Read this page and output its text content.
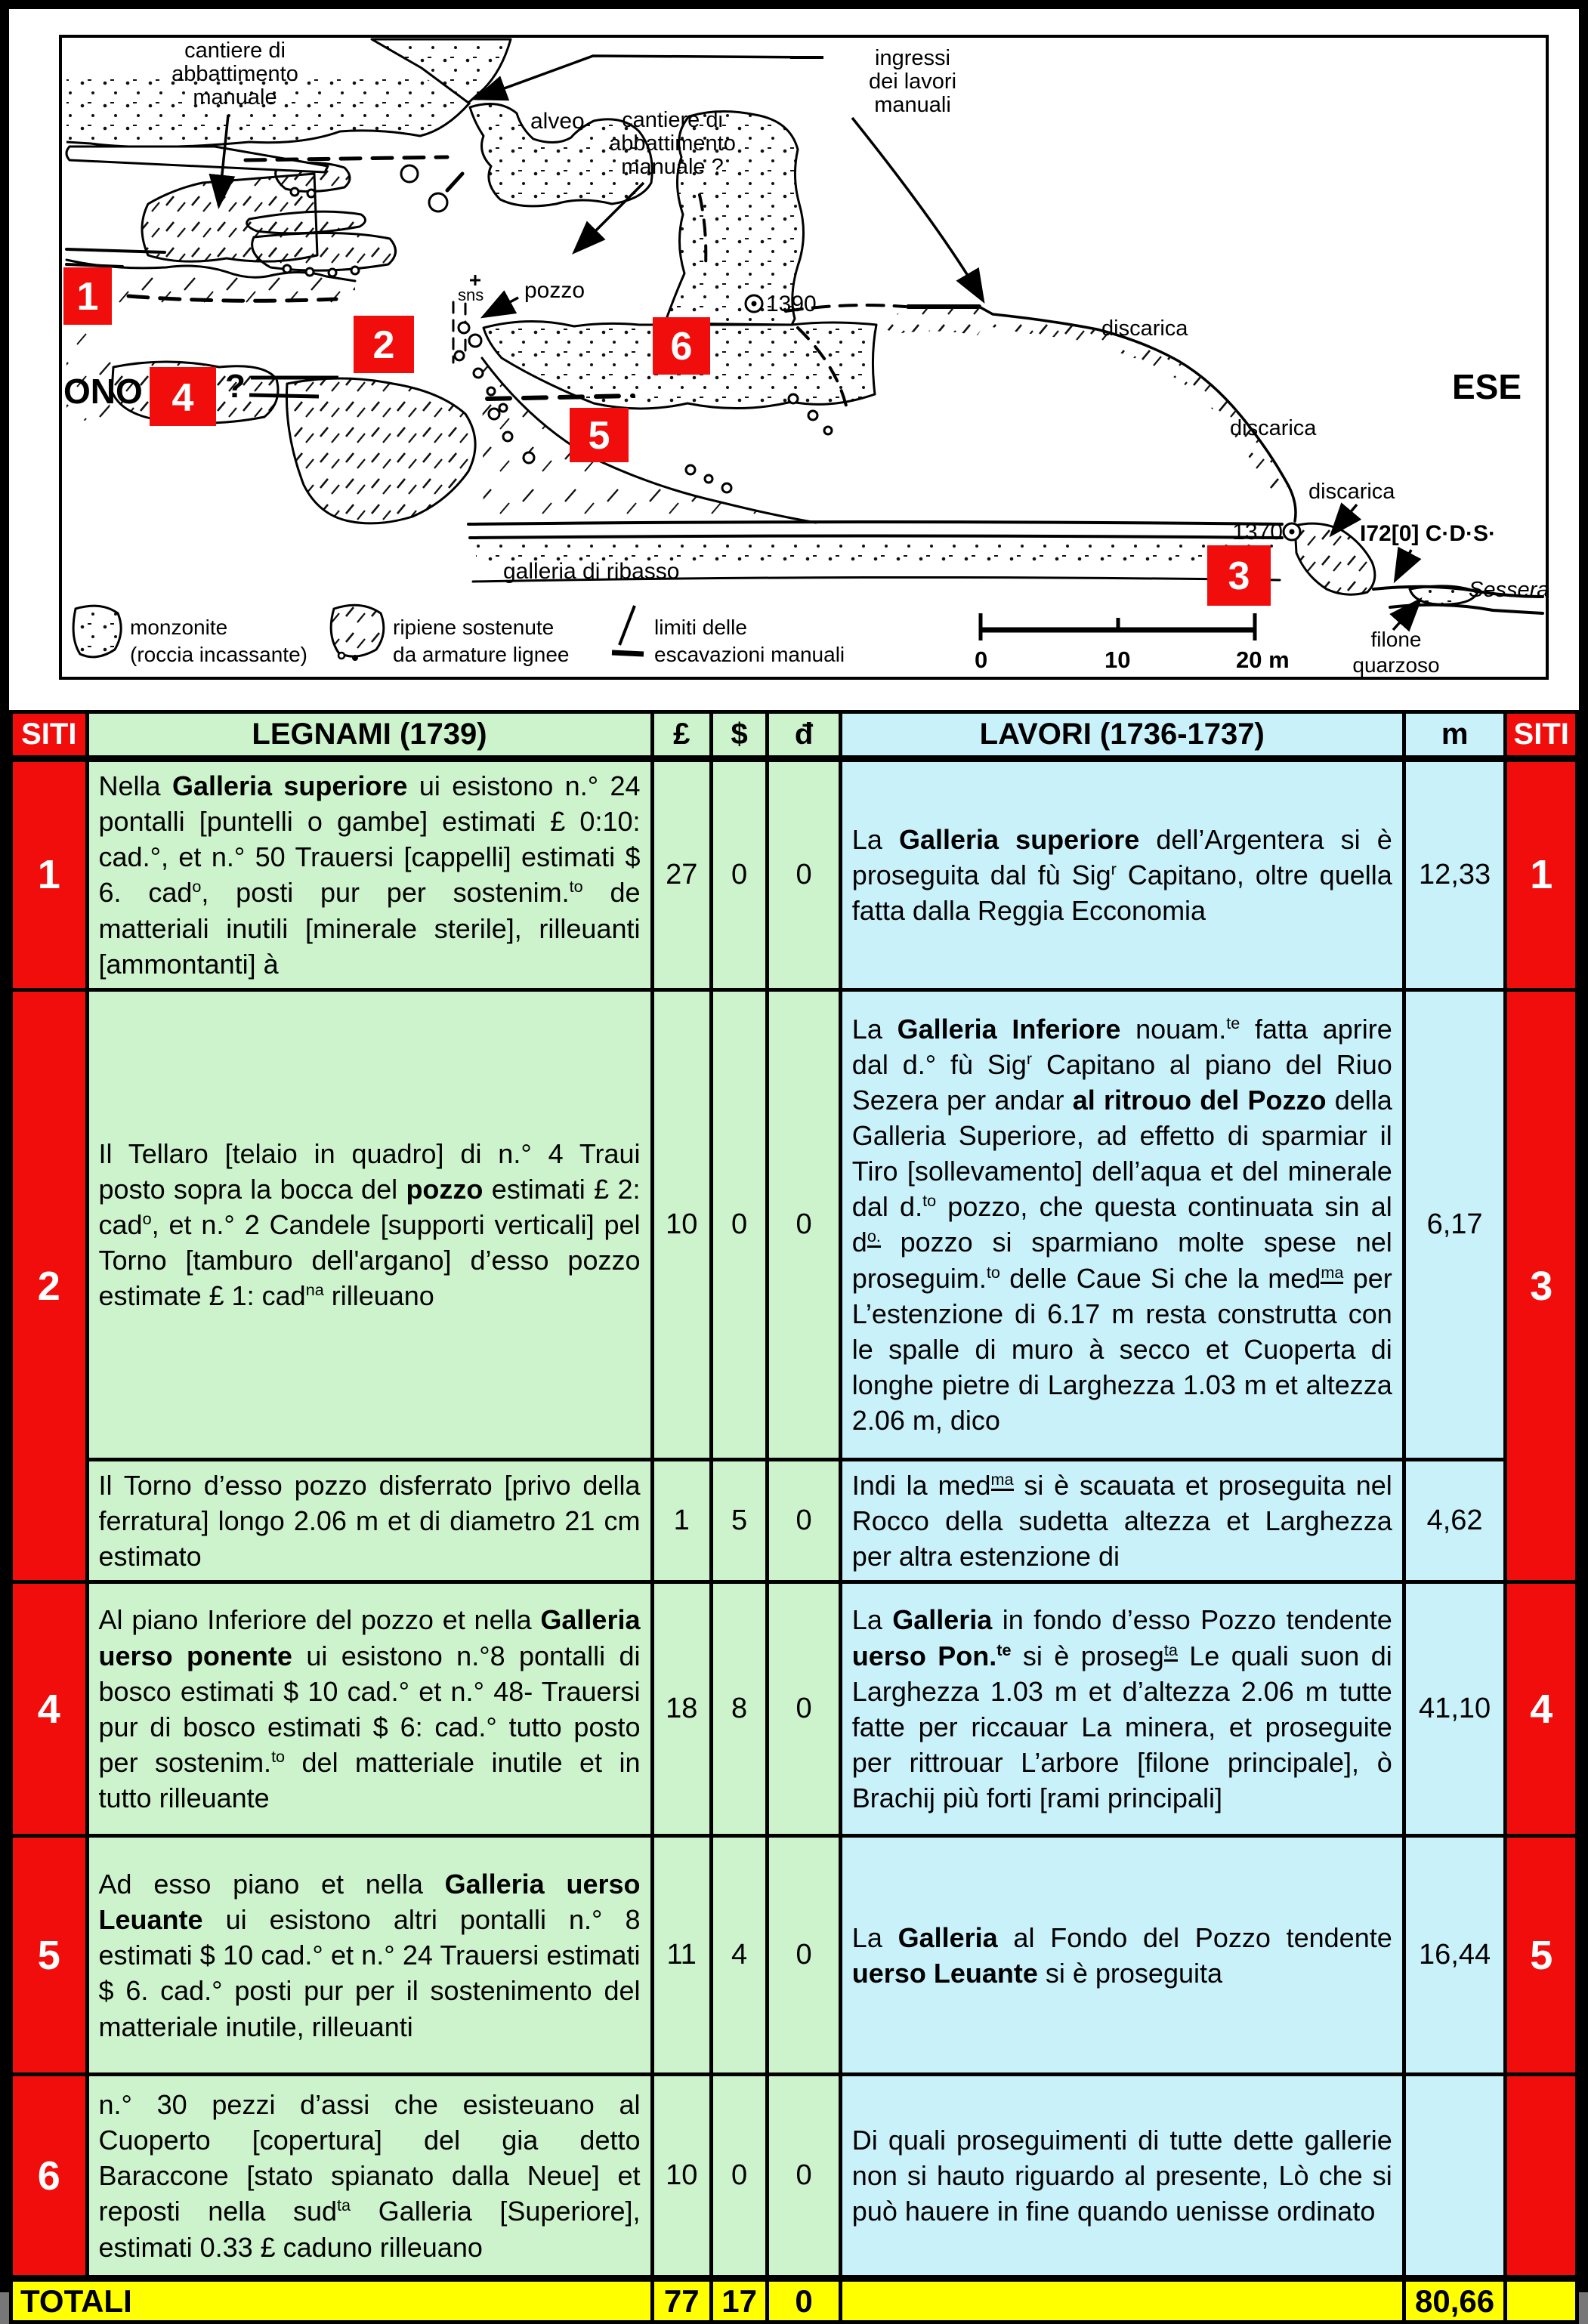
cantiere di
abbattimento
manuale
cantiere di
abbattimento
manuale ?
ingressi
dei lavori
manuali
alveo
pozzo
sns	1390
1370
discarica
discarica
discarica
I72[0] C·D·S·
Sessera
galleria di ribasso
ONO ?	ESE
1
2
4
5
6
3
monzonite
(roccia incassante)
ripiene sostenute
da armature lignee
limiti delle
escavazioni manuali	0	10	20 m
filone
quarzoso
SITI	LEGNAMI (1739)	£	$	đ	LAVORI (1736-1737)	m	SITI
1	Nella Galleria superiore ui esistono n.° 24 pontalli [puntelli o gambe] estimati £ 0:10: cad.°, et n.° 50 Trauersi [cappelli] estimati $ 6. cad$^o$, posti pur per sostenim.$^{to}$ de matteriali inutili [minerale sterile], rilleuanti [ammontanti] à	27	0	0	La Galleria superiore dell’Argentera si è proseguita dal fù Sig$^r$ Capitano, oltre quella fatta dalla Reggia Ecconomia	12,33	1
2	Il Tellaro [telaio in quadro] di n.° 4 Traui posto sopra la bocca del pozzo estimati £ 2: cad$^o$, et n.° 2 Candele [supporti verticali] pel Torno [tamburo dell'argano] d’esso pozzo estimate £ 1: cad$^{na}$ rilleuano	10	0	0	La Galleria Inferiore nouam.$^{te}$ fatta aprire dal d.° fù Sig$^r$ Capitano al piano del Riuo Sezera per andar al ritrouo del Pozzo della Galleria Superiore, ad effetto di sparmiar il Tiro [sollevamento] dell’aqua et del minerale dal d.$^{to}$ pozzo, che questa continuata sin al $d^{o.}$ pozzo si sparmiano molte spese nel proseguim.$^{to}$ delle Caue Si che la med$^{ma}$ per L’estenzione di 6.17 m resta construtta con le spalle di muro à secco et Cuoperta di longhe pietre di Larghezza 1.03 m et altezza 2.06 m, dico	6,17	3
	Il Torno d’esso pozzo disferrato [privo della ferratura] longo 2.06 m et di diametro 21 cm estimato	1	5	0	Indi la med$^{ma}$ si è scauata et proseguita nel Rocco della sudetta altezza et Larghezza per altra estenzione di	4,62	
4	Al piano Inferiore del pozzo et nella Galleria uerso ponente ui esistono n.°8 pontalli di bosco estimati $ 10 cad.° et n.° 48- Trauersi pur di bosco estimati $ 6: cad.° tutto posto per sostenim.$^{to}$ del matteriale inutile et in tutto rilleuante	18	8	0	La Galleria in fondo d’esso Pozzo tendente uerso Pon.$^{te}$ si è proseg$^{ta}$ Le quali suon di Larghezza 1.03 m et d’altezza 2.06 m tutte fatte per riccauar La minera, et proseguite per rittrouar L’arbore [filone principale], ò Brachij più forti [rami principali]	41,10	4
5	Ad esso piano et nella Galleria uerso Leuante ui esistono altri pontalli n.° 8 estimati $ 10 cad.° et n.° 24 Trauersi estimati $ 6. cad.° posti pur per il sostenimento del matteriale inutile, rilleuanti	11	4	0	La Galleria al Fondo del Pozzo tendente uerso Leuante si è proseguita	16,44	5
6	n.° 30 pezzi d’assi che esisteuano al Cuoperto [copertura] del gia detto Baraccone [stato spianato dalla Neue] et reposti nella sud$^{ta}$ Galleria [Superiore], estimati 0.33 £ caduno rilleuano	10	0	0	Di quali proseguimenti di tutte dette gallerie non si hauto riguardo al presente, Lò che si può hauere in fine quando uenisse ordinato		
TOTALI		77	17	0		80,66	
